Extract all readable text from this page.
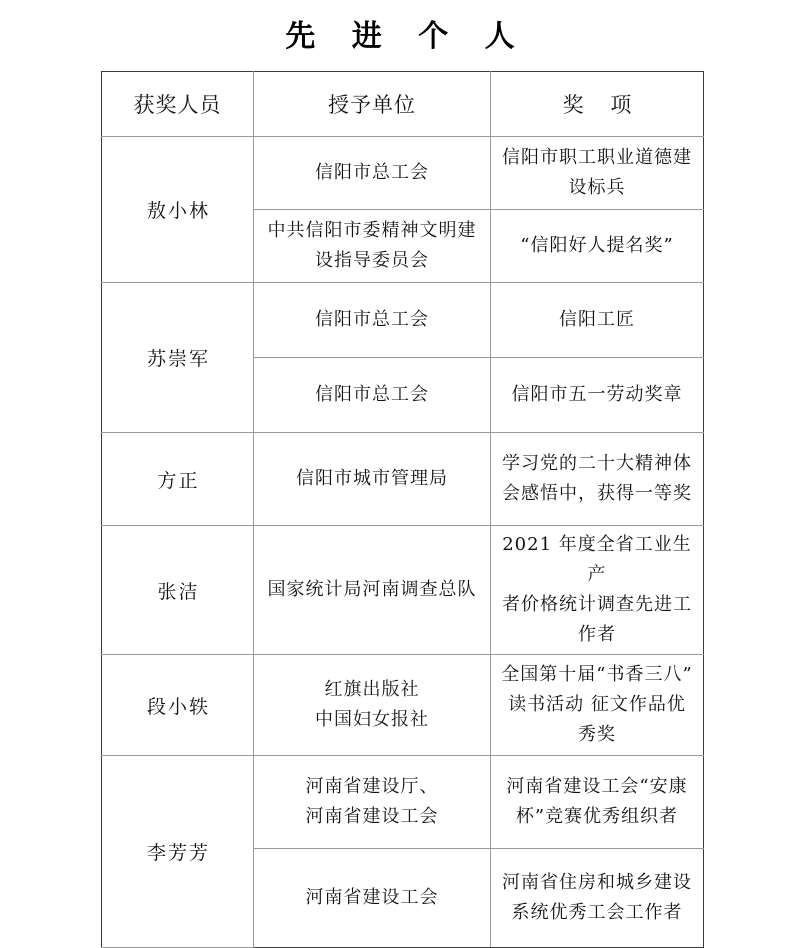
先 进 个 人
获奖人员	授予单位	奖 项
敖小林	信阳市总工会	信阳市职工职业道德建
设标兵

	中共信阳市委精神文明建
设指导委员会	“信阳好人提名奖”

苏崇军	信阳市总工会	信阳工匠

	信阳市总工会	信阳市五一劳动奖章

方正	信阳市城市管理局	学习党的二十大精神体
会感悟中，获得一等奖

张洁	国家统计局河南调查总队	2021 年度全省工业生产
者价格统计调查先进工
作者

段小轶	红旗出版社
中国妇女报社	全国第十届“书香三八”
读书活动 征文作品优
秀奖

李芳芳	河南省建设厅、
河南省建设工会	河南省建设工会“安康
杯”竞赛优秀组织者

	河南省建设工会	河南省住房和城乡建设
系统优秀工会工作者
